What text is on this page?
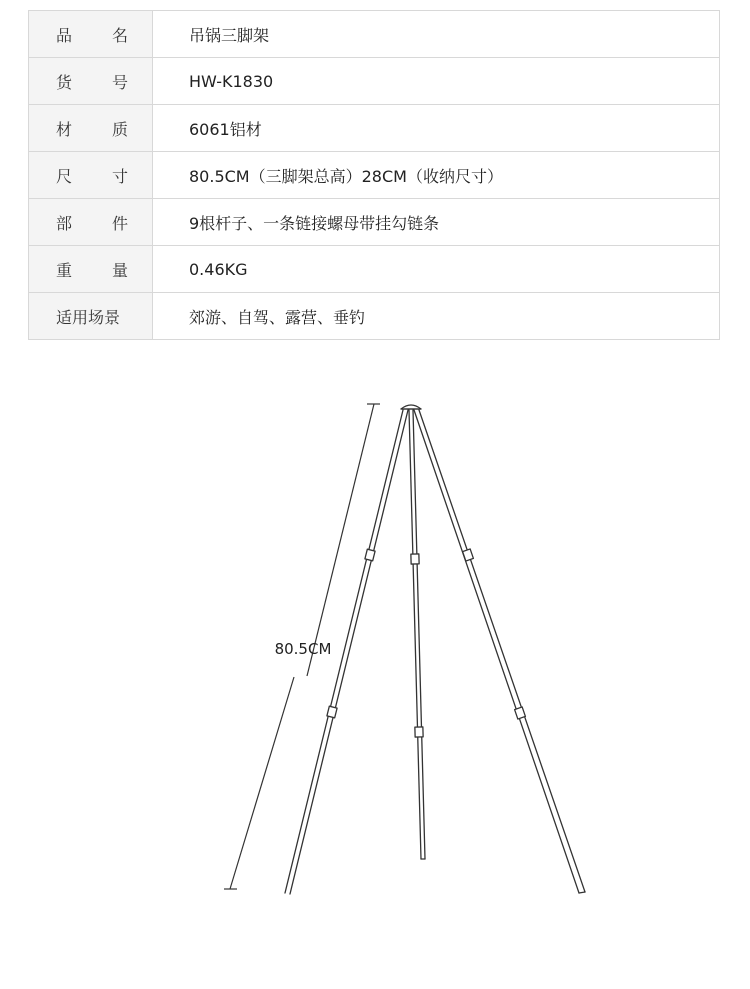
品 名	吊锅三脚架

货 号	HW-K1830

材 质	6061铝材

尺 寸	80.5CM（三脚架总高）28CM（收纳尺寸）

部 件	9根杆子、一条链接螺母带挂勾链条

重 量	0.46KG
适用场景	郊游、自驾、露营、垂钓
80.5CM
